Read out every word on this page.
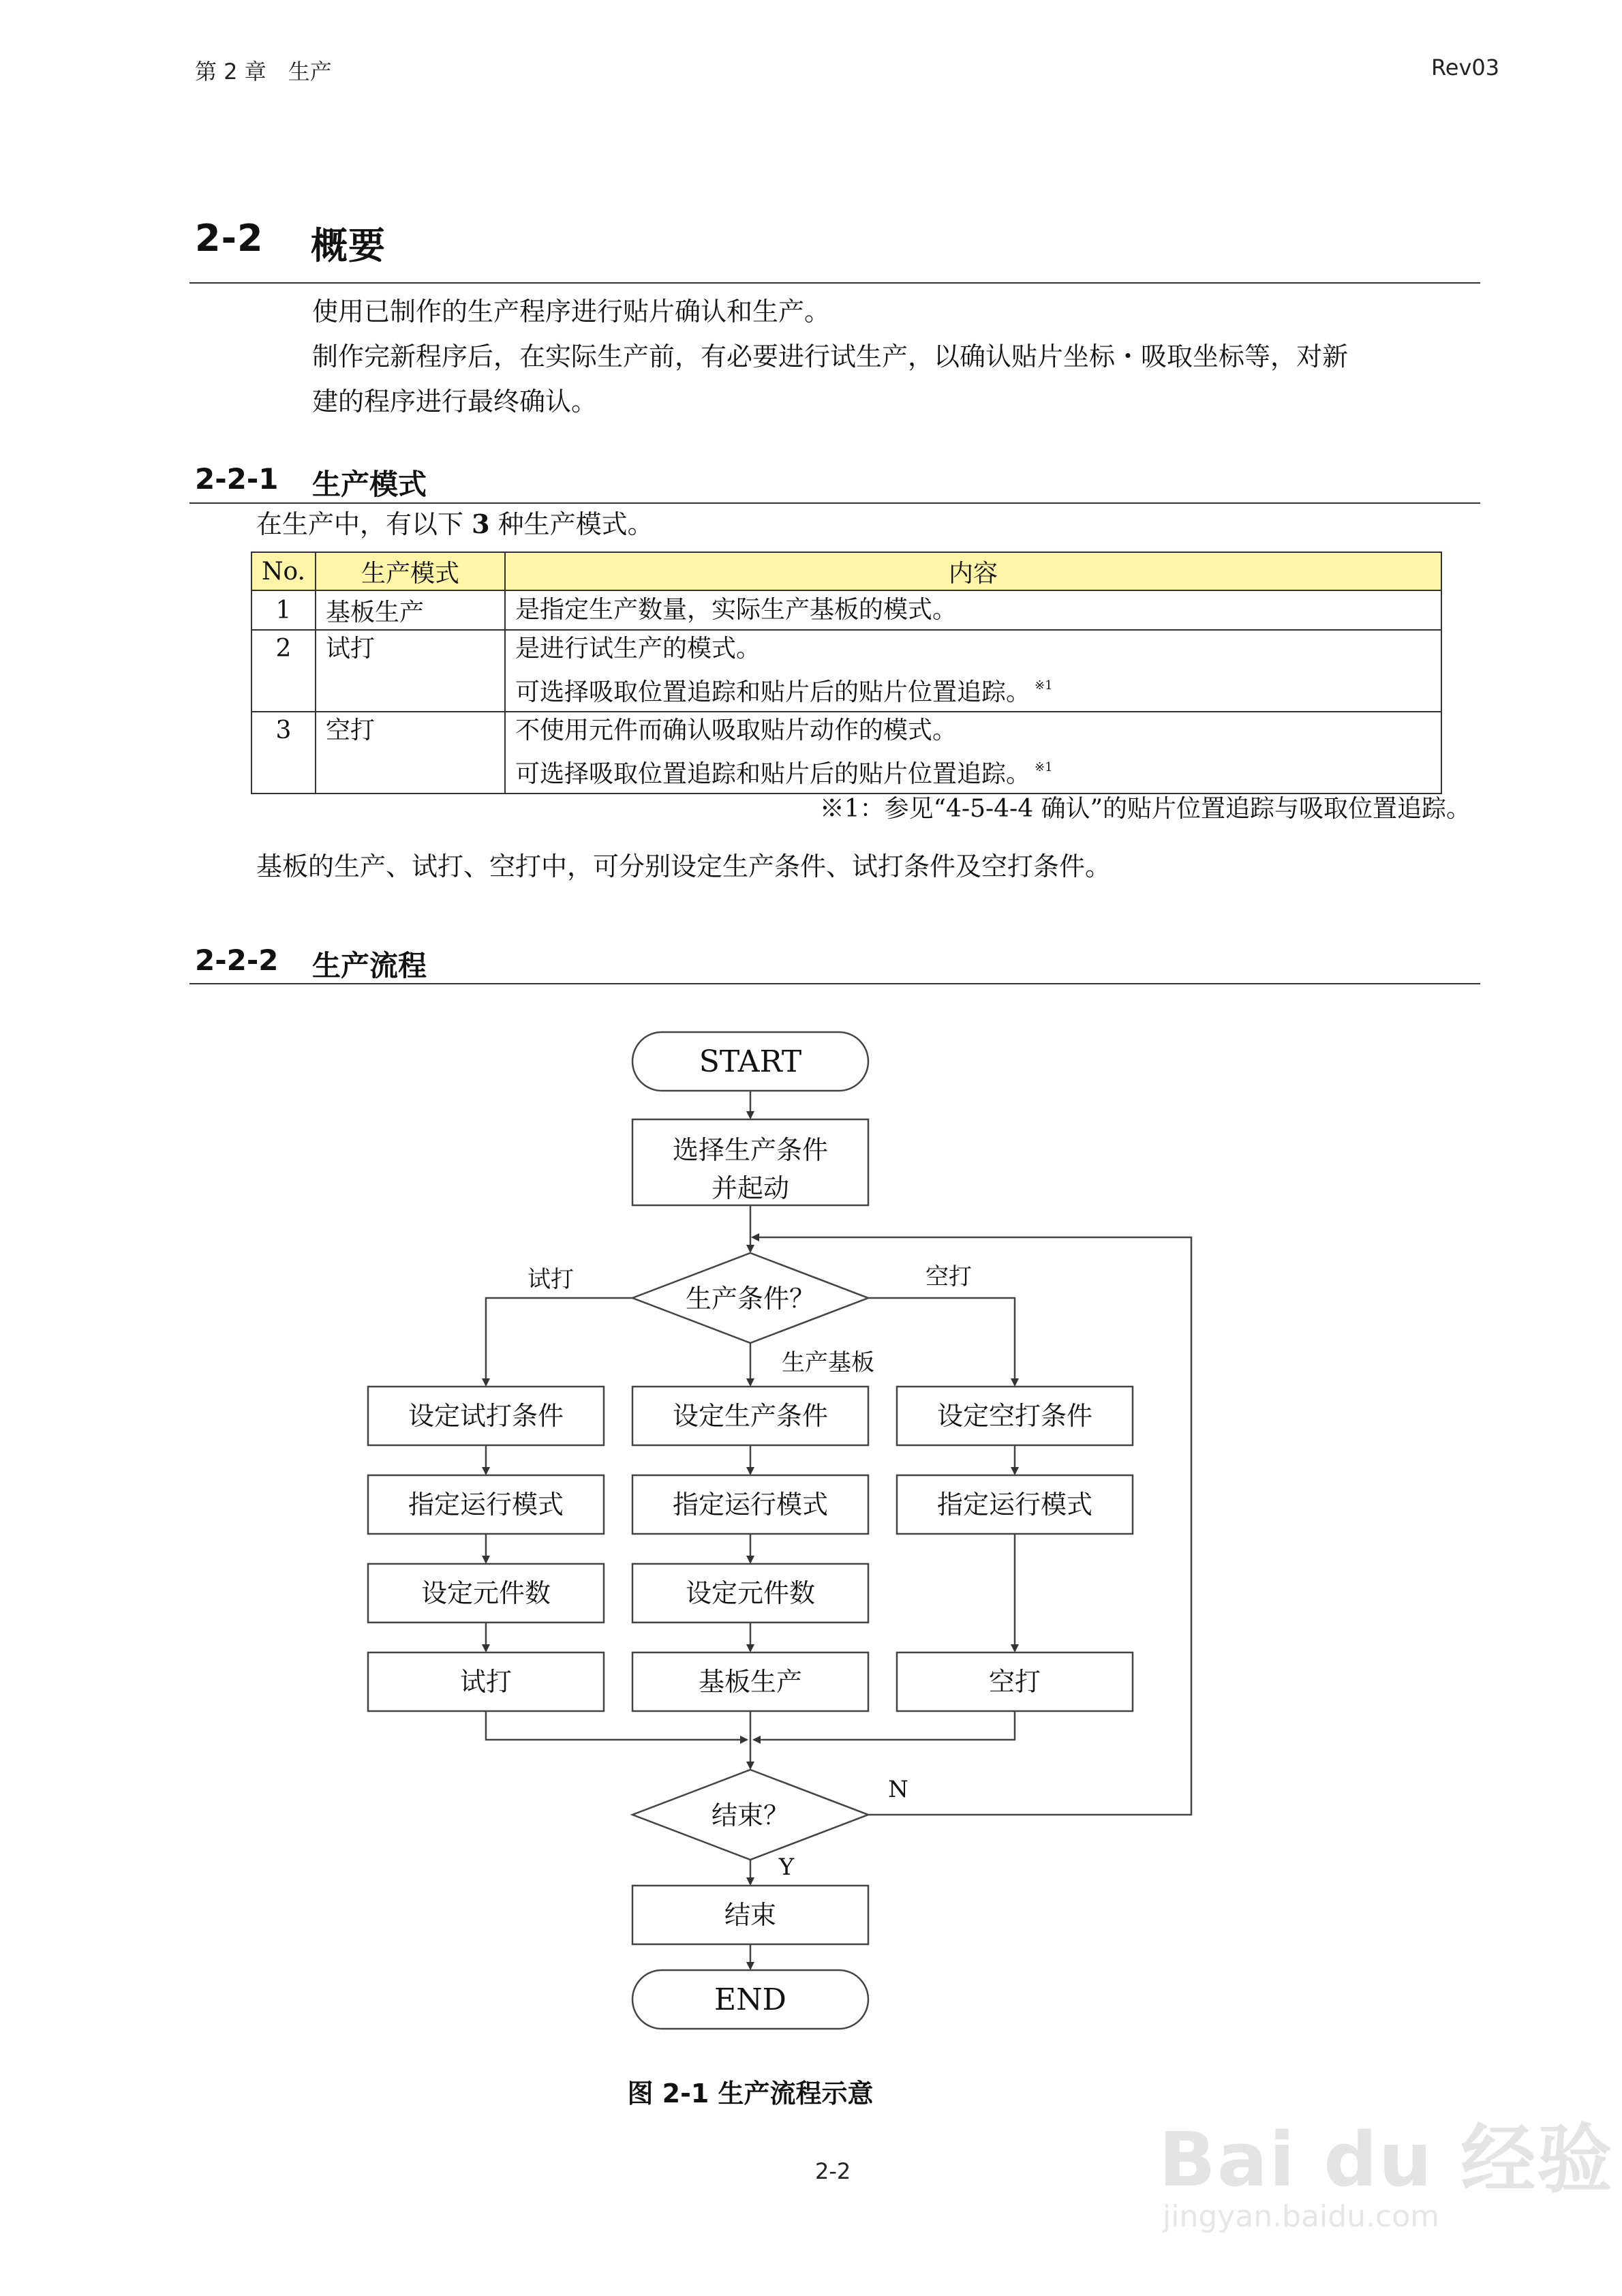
第 2 章　生产	Rev03
2-2 概要
使用已制作的生产程序进行贴片确认和生产。
制作完新程序后，在实际生产前，有必要进行试生产，以确认贴片坐标・吸取坐标等，对新
建的程序进行最终确认。
2-2-1 生产模式
在生产中，有以下 3 种生产模式。
No.	生产模式	内容
1	基板生产	是指定生产数量，实际生产基板的模式。

2	试打	是进行试生产的模式。
可选择吸取位置追踪和贴片后的贴片位置追踪。 $^{※1}$

3	空打	不使用元件而确认吸取贴片动作的模式。
可选择吸取位置追踪和贴片后的贴片位置追踪。 $^{※1}$
※1：参见“4-5-4-4 确认”的贴片位置追踪与吸取位置追踪。
基板的生产、试打、空打中，可分别设定生产条件、试打条件及空打条件。
2-2-2 生产流程
START
选择生产条件
并起动
生产条件？
试打	空打
生产基板
设定试打条件
指定运行模式
设定元件数
试打
设定生产条件
指定运行模式
设定元件数
基板生产
设定空打条件
指定运行模式
空打
结束？
N
Y
结束
END
图 2-1 生产流程示意
2-2	Bai du 经验
jingyan.baidu.com
